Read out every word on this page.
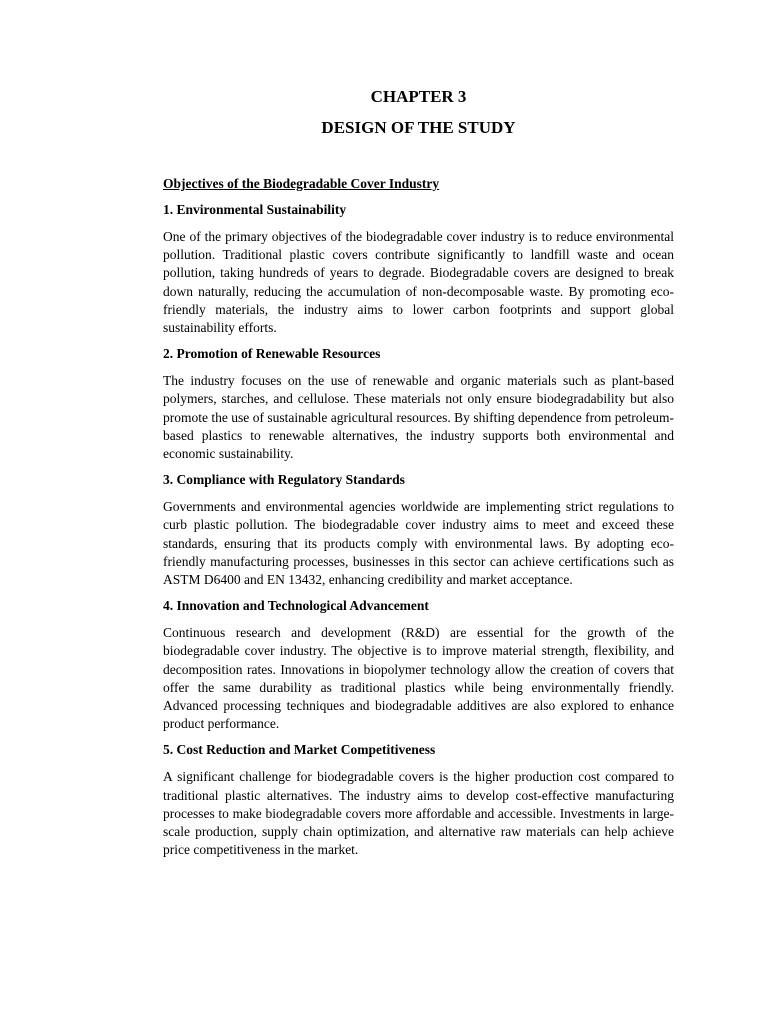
CHAPTER 3
DESIGN OF THE STUDY

Objectives of the Biodegradable Cover Industry

1. Environmental Sustainability

One of the primary objectives of the biodegradable cover industry is to reduce environmental pollution. Traditional plastic covers contribute significantly to landfill waste and ocean pollution, taking hundreds of years to degrade. Biodegradable covers are designed to break down naturally, reducing the accumulation of non-decomposable waste. By promoting eco-friendly materials, the industry aims to lower carbon footprints and support global sustainability efforts.

2. Promotion of Renewable Resources

The industry focuses on the use of renewable and organic materials such as plant-based polymers, starches, and cellulose. These materials not only ensure biodegradability but also promote the use of sustainable agricultural resources. By shifting dependence from petroleum-based plastics to renewable alternatives, the industry supports both environmental and economic sustainability.

3. Compliance with Regulatory Standards

Governments and environmental agencies worldwide are implementing strict regulations to curb plastic pollution. The biodegradable cover industry aims to meet and exceed these standards, ensuring that its products comply with environmental laws. By adopting eco-friendly manufacturing processes, businesses in this sector can achieve certifications such as ASTM D6400 and EN 13432, enhancing credibility and market acceptance.

4. Innovation and Technological Advancement

Continuous research and development (R&D) are essential for the growth of the biodegradable cover industry. The objective is to improve material strength, flexibility, and decomposition rates. Innovations in biopolymer technology allow the creation of covers that offer the same durability as traditional plastics while being environmentally friendly. Advanced processing techniques and biodegradable additives are also explored to enhance product performance.

5. Cost Reduction and Market Competitiveness

A significant challenge for biodegradable covers is the higher production cost compared to traditional plastic alternatives. The industry aims to develop cost-effective manufacturing processes to make biodegradable covers more affordable and accessible. Investments in large-scale production, supply chain optimization, and alternative raw materials can help achieve price competitiveness in the market.
